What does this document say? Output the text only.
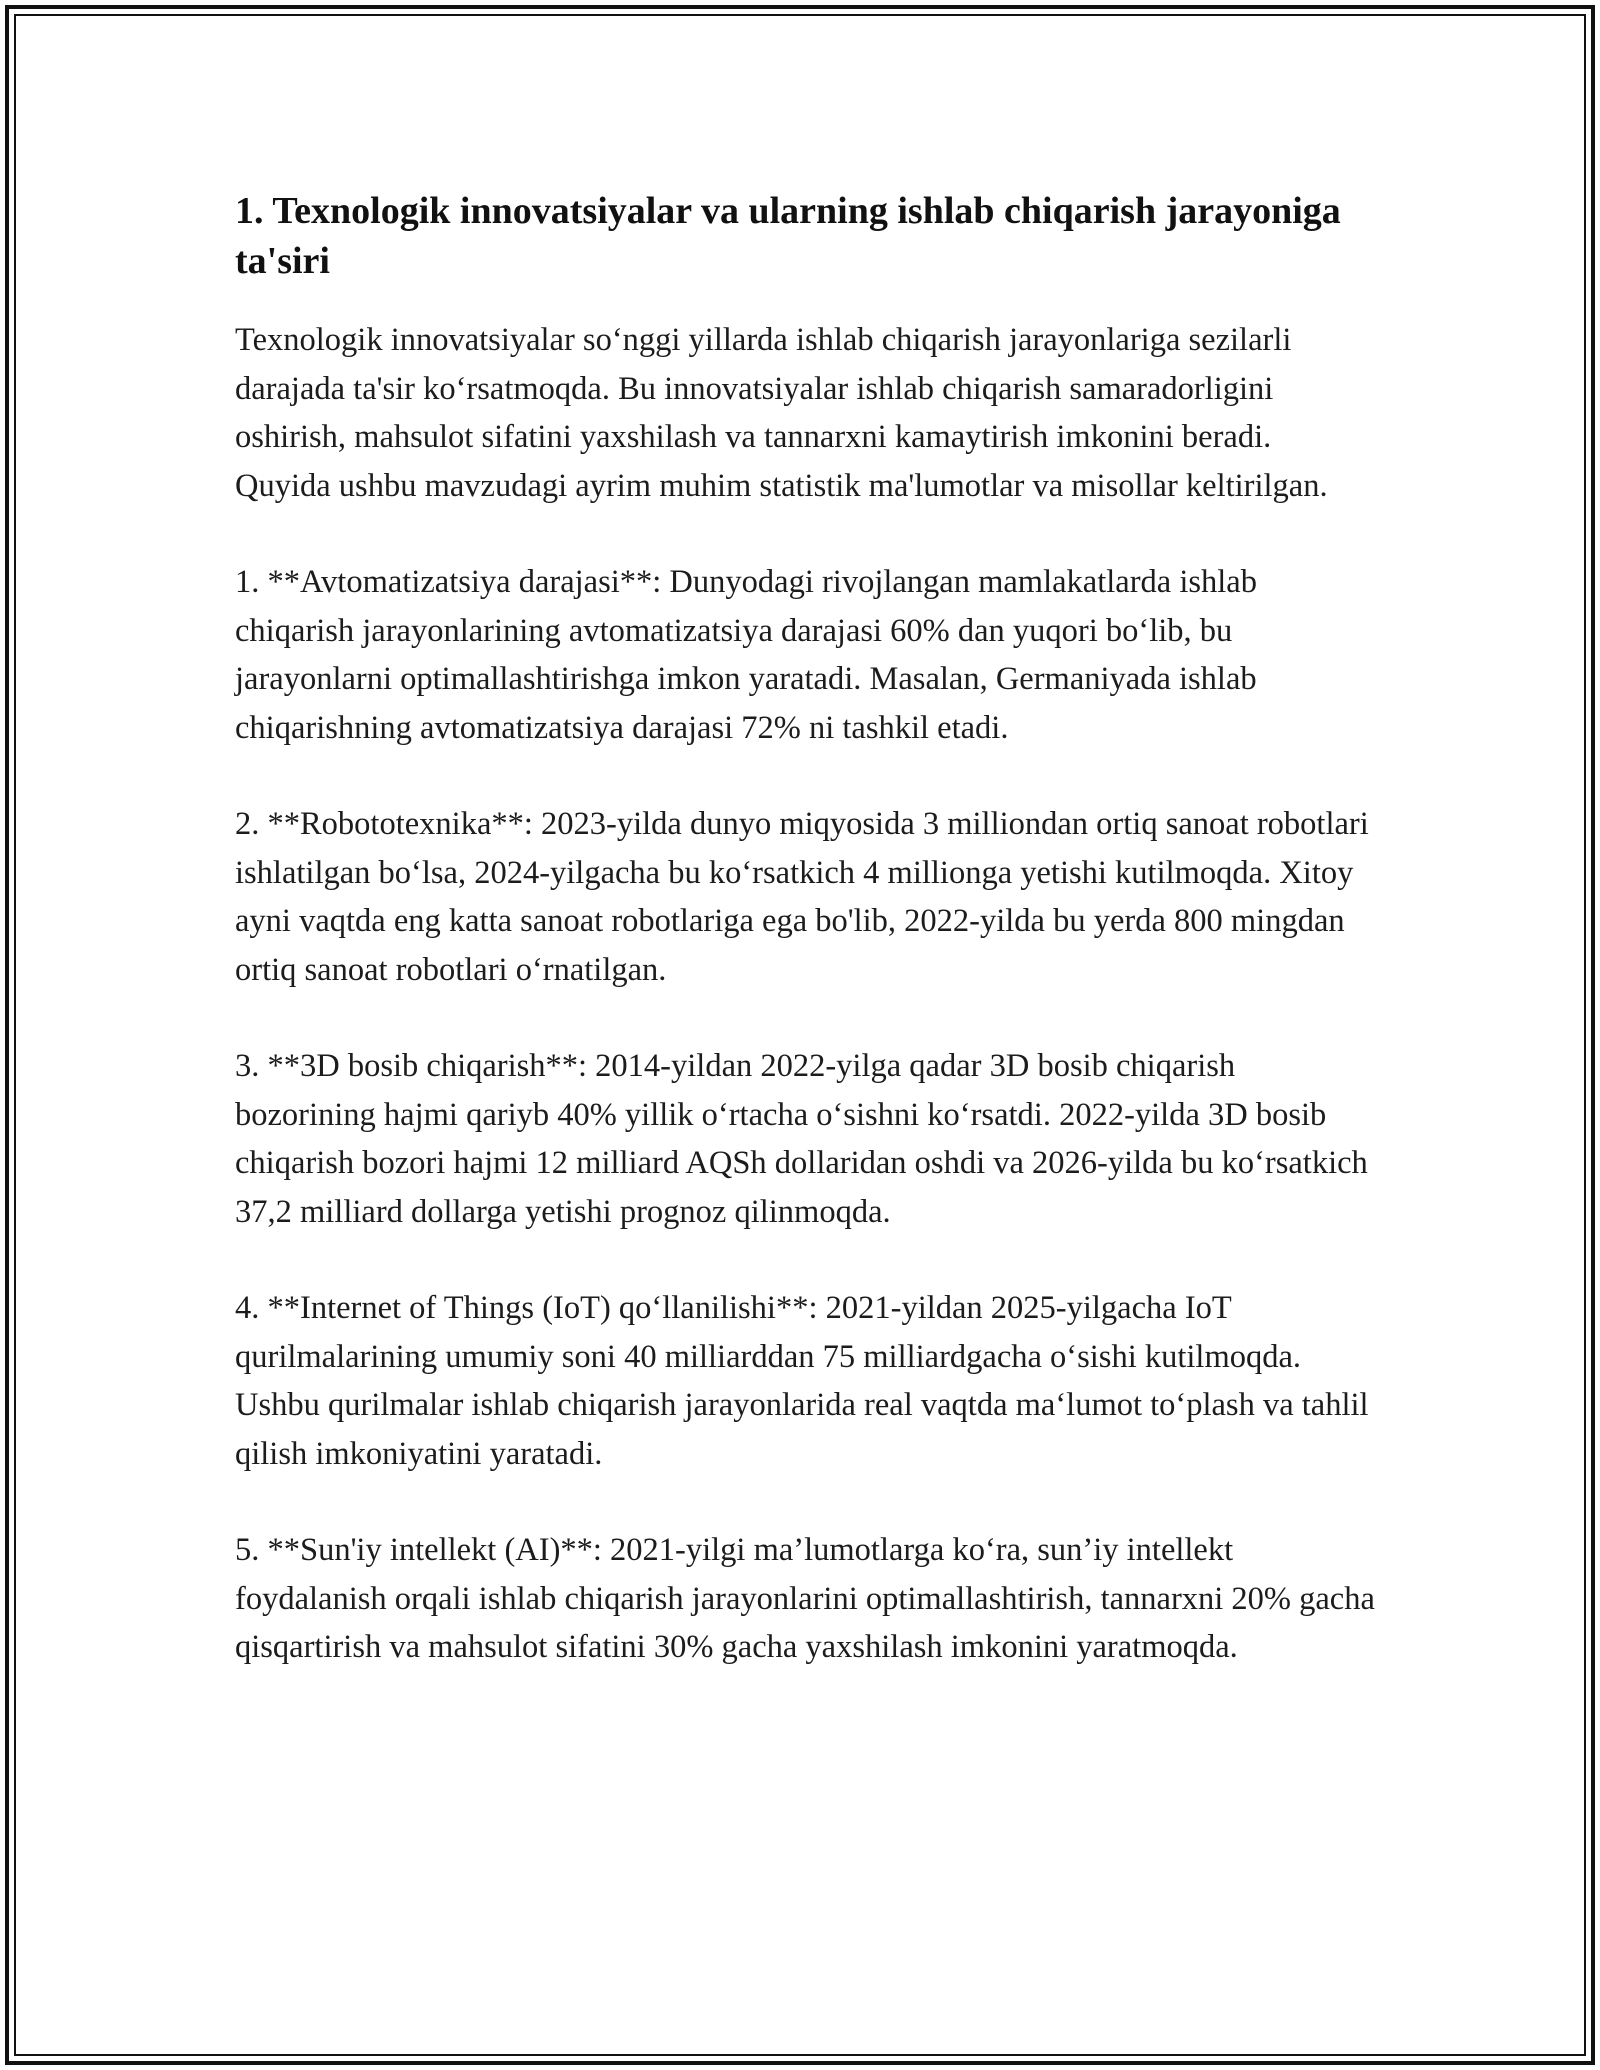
1. Texnologik innovatsiyalar va ularning ishlab chiqarish jarayoniga ta'siri

Texnologik innovatsiyalar so‘nggi yillarda ishlab chiqarish jarayonlariga sezilarli darajada ta'sir ko‘rsatmoqda. Bu innovatsiyalar ishlab chiqarish samaradorligini oshirish, mahsulot sifatini yaxshilash va tannarxni kamaytirish imkonini beradi. Quyida ushbu mavzudagi ayrim muhim statistik ma'lumotlar va misollar keltirilgan.

1. **Avtomatizatsiya darajasi**: Dunyodagi rivojlangan mamlakatlarda ishlab chiqarish jarayonlarining avtomatizatsiya darajasi 60% dan yuqori bo‘lib, bu jarayonlarni optimallashtirishga imkon yaratadi. Masalan, Germaniyada ishlab chiqarishning avtomatizatsiya darajasi 72% ni tashkil etadi.

2. **Robototexnika**: 2023-yilda dunyo miqyosida 3 milliondan ortiq sanoat robotlari ishlatilgan bo‘lsa, 2024-yilgacha bu ko‘rsatkich 4 millionga yetishi kutilmoqda. Xitoy ayni vaqtda eng katta sanoat robotlariga ega bo'lib, 2022-yilda bu yerda 800 mingdan ortiq sanoat robotlari o‘rnatilgan.

3. **3D bosib chiqarish**: 2014-yildan 2022-yilga qadar 3D bosib chiqarish bozorining hajmi qariyb 40% yillik o‘rtacha o‘sishni ko‘rsatdi. 2022-yilda 3D bosib chiqarish bozori hajmi 12 milliard AQSh dollaridan oshdi va 2026-yilda bu ko‘rsatkich 37,2 milliard dollarga yetishi prognoz qilinmoqda.

4. **Internet of Things (IoT) qo‘llanilishi**: 2021-yildan 2025-yilgacha IoT qurilmalarining umumiy soni 40 milliarddan 75 milliardgacha o‘sishi kutilmoqda. Ushbu qurilmalar ishlab chiqarish jarayonlarida real vaqtda ma‘lumot to‘plash va tahlil qilish imkoniyatini yaratadi.

5. **Sun'iy intellekt (AI)**: 2021-yilgi ma’lumotlarga ko‘ra, sun’iy intellekt foydalanish orqali ishlab chiqarish jarayonlarini optimallashtirish, tannarxni 20% gacha qisqartirish va mahsulot sifatini 30% gacha yaxshilash imkonini yaratmoqda.
